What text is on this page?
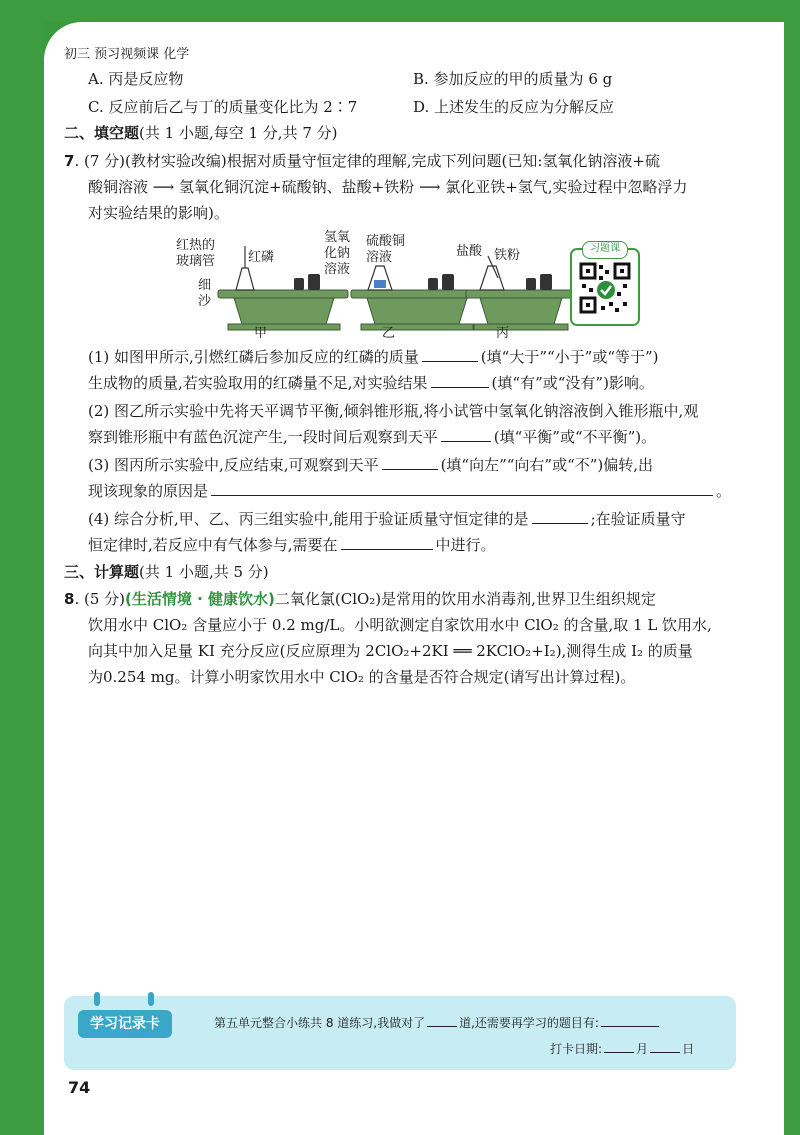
初三 预习视频课 化学
A. 丙是反应物	B. 参加反应的甲的质量为 6 g
C. 反应前后乙与丁的质量变化比为 2∶7	D. 上述发生的反应为分解反应
二、填空题(共 1 小题,每空 1 分,共 7 分)
7. (7 分)(教材实验改编)根据对质量守恒定律的理解,完成下列问题(已知:氢氧化钠溶液+硫
酸铜溶液 ⟶ 氢氧化铜沉淀+硫酸钠、盐酸+铁粉 ⟶ 氯化亚铁+氢气,实验过程中忽略浮力
对实验结果的影响)。
红热的
玻璃管	红磷
细
沙
氢氧
化钠
溶液
硫酸铜
溶液	盐酸 铁粉
甲	乙	丙
习题课
(1) 如图甲所示,引燃红磷后参加反应的红磷的质量	(填“大于”“小于”或“等于”)
生成物的质量,若实验取用的红磷量不足,对实验结果	(填“有”或“没有”)影响。
(2) 图乙所示实验中先将天平调节平衡,倾斜锥形瓶,将小试管中氢氧化钠溶液倒入锥形瓶中,观
察到锥形瓶中有蓝色沉淀产生,一段时间后观察到天平	(填“平衡”或“不平衡”)。
(3) 图丙所示实验中,反应结束,可观察到天平	(填“向左”“向右”或“不”)偏转,出
现该现象的原因是	。
(4) 综合分析,甲、乙、丙三组实验中,能用于验证质量守恒定律的是	;在验证质量守
恒定律时,若反应中有气体参与,需要在	中进行。
三、计算题(共 1 小题,共 5 分)
8. (5 分)(生活情境 · 健康饮水)二氧化氯(ClO₂)是常用的饮用水消毒剂,世界卫生组织规定
饮用水中 ClO₂ 含量应小于 0.2 mg/L。小明欲测定自家饮用水中 ClO₂ 的含量,取 1 L 饮用水,
向其中加入足量 KI 充分反应(反应原理为 2ClO₂+2KI ══ 2KClO₂+I₂),测得生成 I₂ 的质量
为0.254 mg。计算小明家饮用水中 ClO₂ 的含量是否符合规定(请写出计算过程)。
学习记录卡	第五单元整合小练共 8 道练习,我做对了	道,还需要再学习的题目有:
打卡日期:	月	日
74
